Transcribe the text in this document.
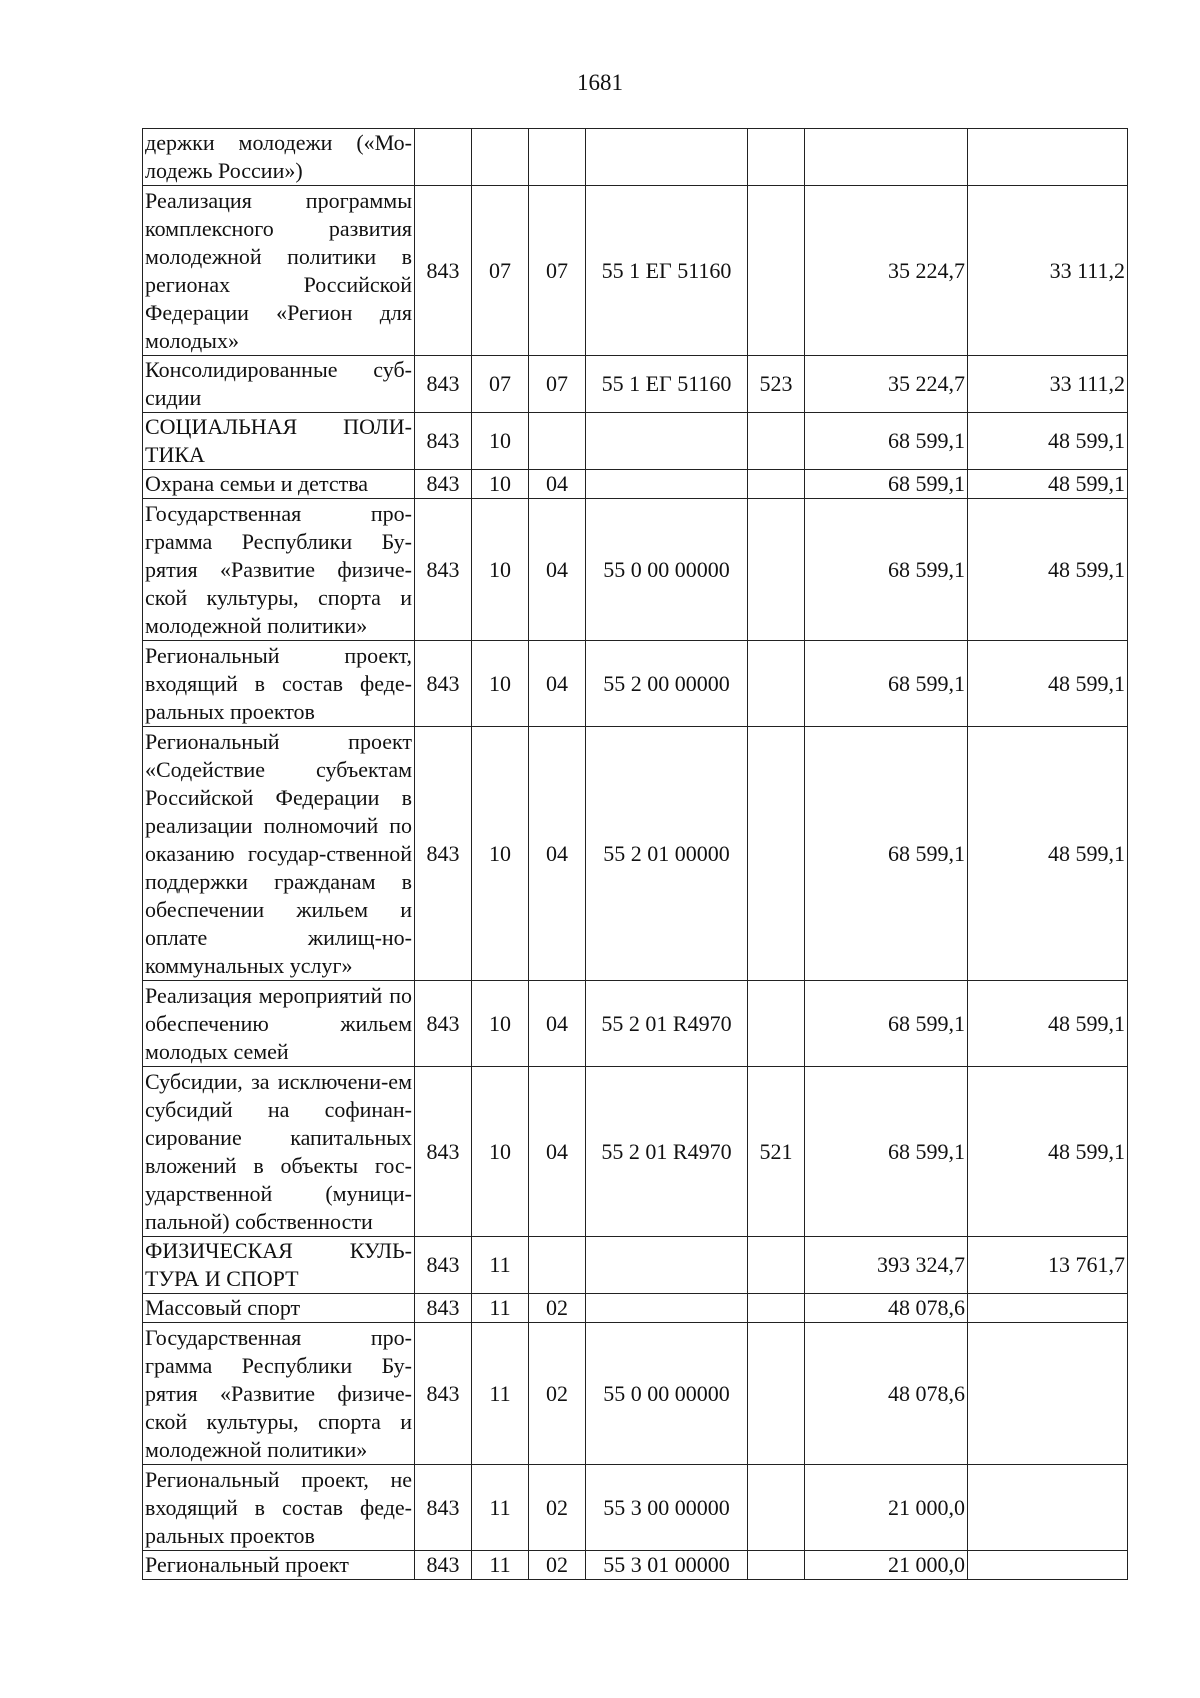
1681
держки молодежи («Мо-лодежь России»)							
Реализация программы комплексного развития молодежной политики в регионах Российской Федерации «Регион для молодых»	843	07	07	55 1 ЕГ 51160		35 224,7	33 111,2
Консолидированные суб-сидии	843	07	07	55 1 ЕГ 51160	523	35 224,7	33 111,2
СОЦИАЛЬНАЯ ПОЛИ-ТИКА	843	10				68 599,1	48 599,1
Охрана семьи и детства	843	10	04			68 599,1	48 599,1
Государственная про-грамма Республики Бу-рятия «Развитие физиче-ской культуры, спорта и молодежной политики»	843	10	04	55 0 00 00000		68 599,1	48 599,1
Региональный проект, входящий в состав феде-ральных проектов	843	10	04	55 2 00 00000		68 599,1	48 599,1
Региональный проект «Содействие субъектам Российской Федерации в реализации полномочий по оказанию государ-ственной поддержки гражданам в обеспечении жильем и оплате жилищ-но-коммунальных услуг»	843	10	04	55 2 01 00000		68 599,1	48 599,1
Реализация мероприятий по обеспечению жильем молодых семей	843	10	04	55 2 01 R4970		68 599,1	48 599,1
Субсидии, за исключени-ем субсидий на софинан-сирование капитальных вложений в объекты гос-ударственной (муници-пальной) собственности	843	10	04	55 2 01 R4970	521	68 599,1	48 599,1
ФИЗИЧЕСКАЯ КУЛЬ-ТУРА И СПОРТ	843	11				393 324,7	13 761,7
Массовый спорт	843	11	02			48 078,6	
Государственная про-грамма Республики Бу-рятия «Развитие физиче-ской культуры, спорта и молодежной политики»	843	11	02	55 0 00 00000		48 078,6	
Региональный проект, не входящий в состав феде-ральных проектов	843	11	02	55 3 00 00000		21 000,0	
Региональный проект	843	11	02	55 3 01 00000		21 000,0	
